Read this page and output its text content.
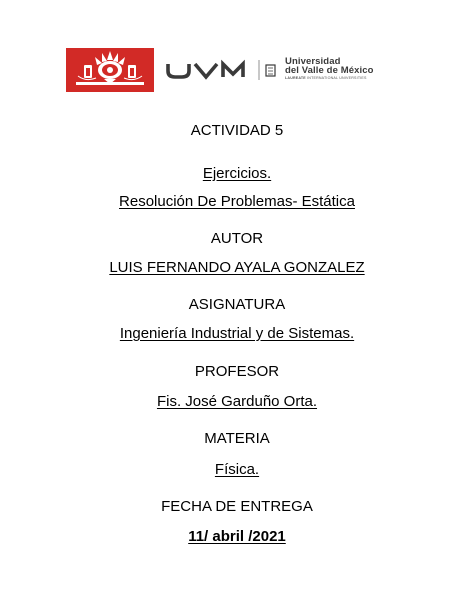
Universidad
del Valle de México
LAUREATE INTERNATIONAL UNIVERSITIES
ACTIVIDAD 5
Ejercicios.
Resolución De Problemas- Estática
AUTOR
LUIS FERNANDO AYALA GONZALEZ
ASIGNATURA
Ingeniería Industrial y de Sistemas.
PROFESOR
Fis. José Garduño Orta.
MATERIA
Física.
FECHA DE ENTREGA
11/ abril /2021
